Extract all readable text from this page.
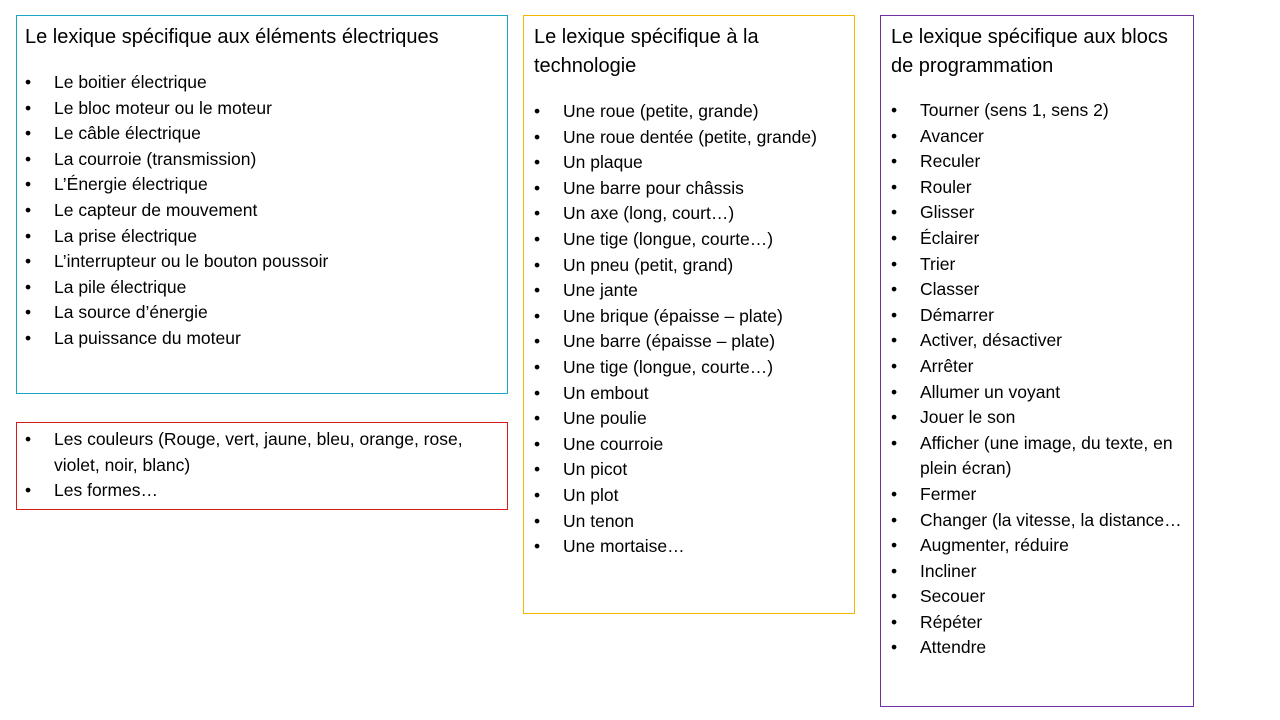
Le lexique spécifique aux éléments électriques
• Le boitier électrique
• Le bloc moteur ou le moteur
• Le câble électrique
• La courroie (transmission)
• L’Énergie électrique
• Le capteur de mouvement
• La prise électrique
• L’interrupteur ou le bouton poussoir
• La pile électrique
• La source d’énergie
• La puissance du moteur
• Les couleurs (Rouge, vert, jaune, bleu, orange, rose, violet, noir, blanc)
• Les formes…
Le lexique spécifique à la technologie
• Une roue (petite, grande)
• Une roue dentée (petite, grande)
• Un plaque
• Une barre pour châssis
• Un axe (long, court…)
• Une tige (longue, courte…)
• Un pneu (petit, grand)
• Une jante
• Une brique (épaisse – plate)
• Une barre (épaisse – plate)
• Une tige (longue, courte…)
• Un embout
• Une poulie
• Une courroie
• Un picot
• Un plot
• Un tenon
• Une mortaise…
Le lexique spécifique aux blocs de programmation
• Tourner (sens 1, sens 2)
• Avancer
• Reculer
• Rouler
• Glisser
• Éclairer
• Trier
• Classer
• Démarrer
• Activer, désactiver
• Arrêter
• Allumer un voyant
• Jouer le son
• Afficher (une image, du texte, en plein écran)
• Fermer
• Changer (la vitesse, la distance…
• Augmenter, réduire
• Incliner
• Secouer
• Répéter
• Attendre
